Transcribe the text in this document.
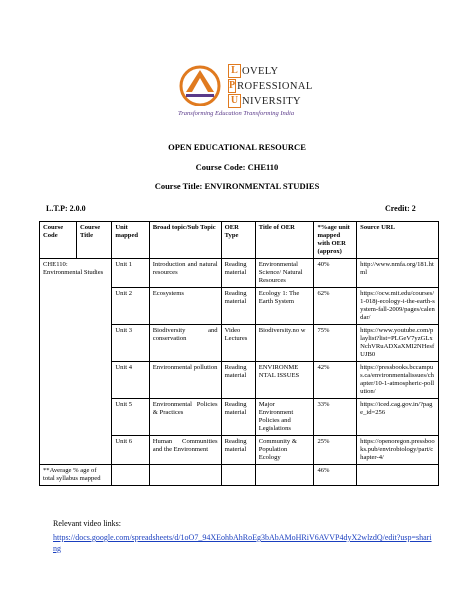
L OVELY
P ROFESSIONAL
U NIVERSITY
Transforming Education Transforming India
OPEN EDUCATIONAL RESOURCE
Course Code: CHE110
Course Title: ENVIRONMENTAL STUDIES
L.T.P: 2.0.0	Credit: 2
Course Code	Course Title	Unit mapped	Broad topic/Sub Topic	OER Type	Title of OER	*%age unit mapped with OER (approx)	Source URL
CHE110: Environmental Studies		Unit 1	Introduction and natural resources	Reading material	Environmental Science/ Natural Resources	40%	http://www.nmfa.org/181.html
		Unit 2	Ecosystems	Reading material	Ecology 1: The Earth System	62%	https://ocw.mit.edu/courses/1-018j-ecology-i-the-earth-system-fall-2009/pages/calendar/
		Unit 3	Biodiversity and conservation	Video Lectures	Biodiversity.no w	75%	https://www.youtube.com/playlist?list=PLGeV7yzGLxNchVRuADXaXMI2NHesfUJB0
		Unit 4	Environmental pollution	Reading material	ENVIRONME NTAL ISSUES	42%	https://pressbooks.bccampus.ca/environmentalissues/chapter/10-1-atmospheric-pollution/
		Unit 5	Environmental Policies & Practices	Reading material	Major Environment Policies and Legislations	33%	https://iced.cag.gov.in/?page_id=256
		Unit 6	Human Communities and the Environment	Reading material	Community & Population Ecology	25%	https://openoregon.pressbooks.pub/envirobiology/part/chapter-4/
**Average % age of total syllabus mapped						46%	
Relevant video links:
https://docs.google.com/spreadsheets/d/1oO7_94XEohbAhRoEg3bAbAMoHRiV6AVVP4dyX2wlzdQ/edit?usp=sharing
